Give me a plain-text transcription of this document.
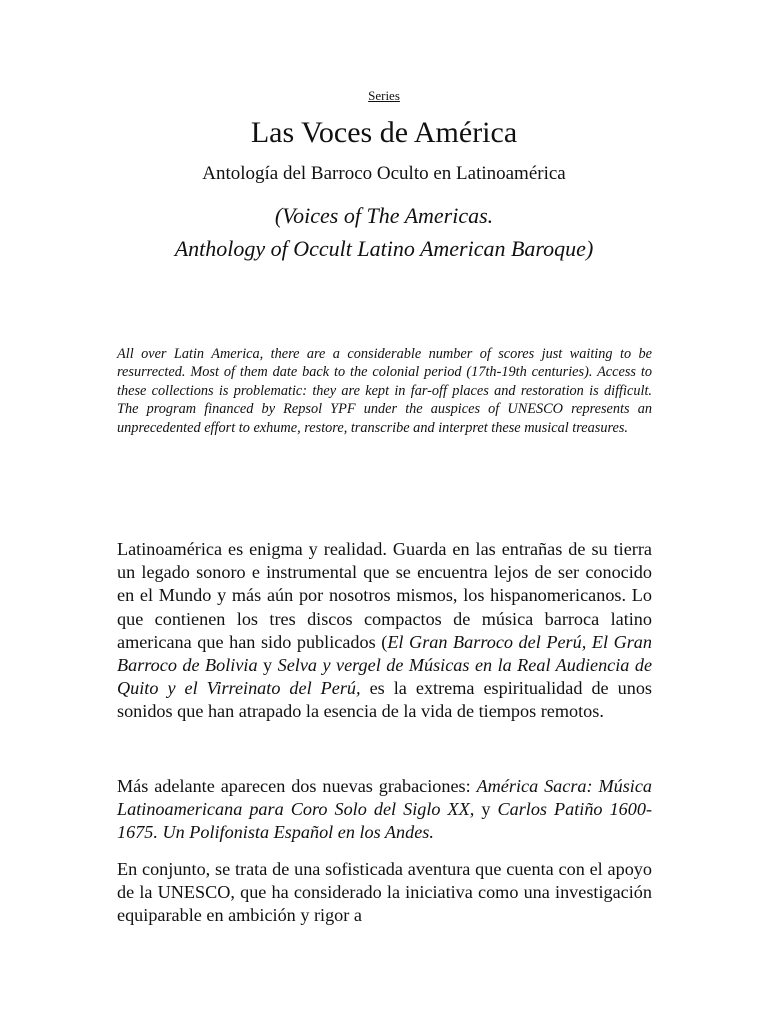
Series
Las Voces de América
Antología del Barroco Oculto en Latinoamérica
(Voices of The Americas.
Anthology of Occult Latino American Baroque)

All over Latin America, there are a considerable number of scores just waiting to be resurrected. Most of them date back to the colonial period (17th-19th centuries). Access to these collections is problematic: they are kept in far-off places and restoration is difficult. The program financed by Repsol YPF under the auspices of UNESCO represents an unprecedented effort to exhume, restore, transcribe and interpret these musical treasures.

Latinoamérica es enigma y realidad. Guarda en las entrañas de su tierra un legado sonoro e instrumental que se encuentra lejos de ser conocido en el Mundo y más aún por nosotros mismos, los hispanomericanos. Lo que contienen los tres discos compactos de música barroca latino americana que han sido publicados (El Gran Barroco del Perú, El Gran Barroco de Bolivia y Selva y vergel de Músicas en la Real Audiencia de Quito y el Virreinato del Perú, es la extrema espiritualidad de unos sonidos que han atrapado la esencia de la vida de tiempos remotos.

Más adelante aparecen dos nuevas grabaciones: América Sacra: Música Latinoamericana para Coro Solo del Siglo XX, y Carlos Patiño 1600-1675. Un Polifonista Español en los Andes.

En conjunto, se trata de una sofisticada aventura que cuenta con el apoyo de la UNESCO, que ha considerado la iniciativa como una investigación equiparable en ambición y rigor a
